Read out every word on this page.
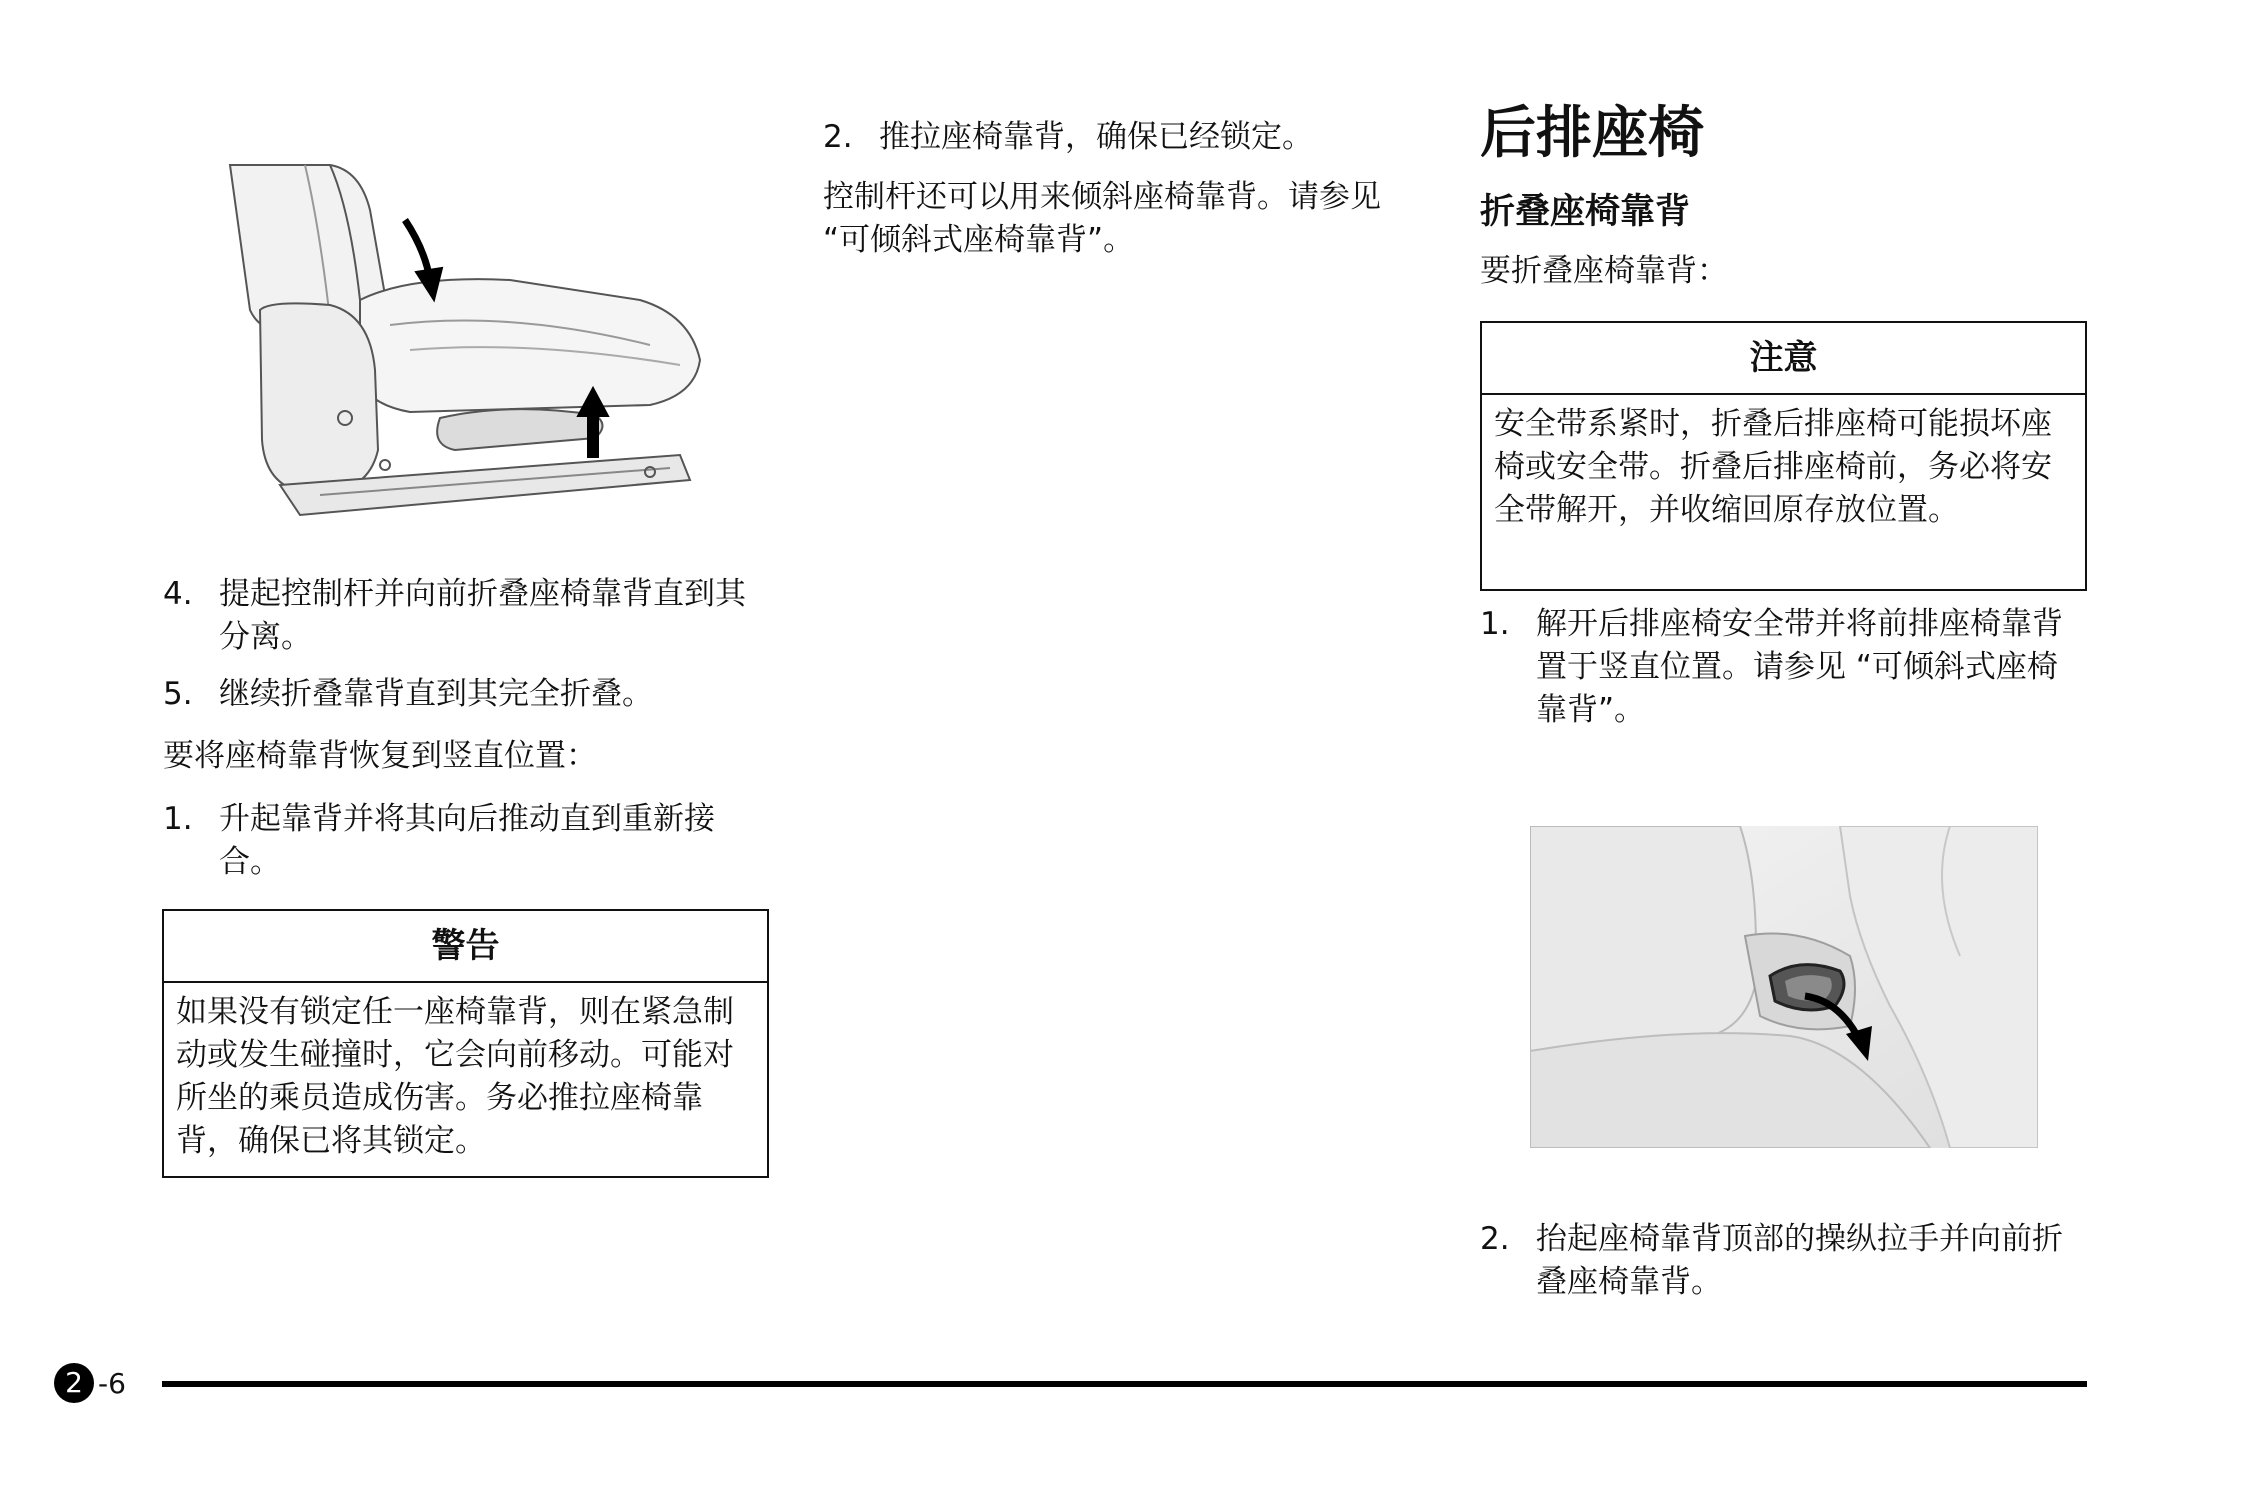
4. 提起控制杆并向前折叠座椅靠背直到其分离。
5. 继续折叠靠背直到其完全折叠。
要将座椅靠背恢复到竖直位置：
1. 升起靠背并将其向后推动直到重新接合。
警告
如果没有锁定任一座椅靠背，则在紧急制动或发生碰撞时，它会向前移动。可能对所坐的乘员造成伤害。务必推拉座椅靠背，确保已将其锁定。
2. 推拉座椅靠背，确保已经锁定。
控制杆还可以用来倾斜座椅靠背。请参见 “可倾斜式座椅靠背”。
后排座椅
折叠座椅靠背
要折叠座椅靠背：
注意
安全带系紧时，折叠后排座椅可能损坏座椅或安全带。折叠后排座椅前，务必将安全带解开，并收缩回原存放位置。
1. 解开后排座椅安全带并将前排座椅靠背置于竖直位置。请参见 “可倾斜式座椅靠背”。
2. 抬起座椅靠背顶部的操纵拉手并向前折叠座椅靠背。
2 -6
